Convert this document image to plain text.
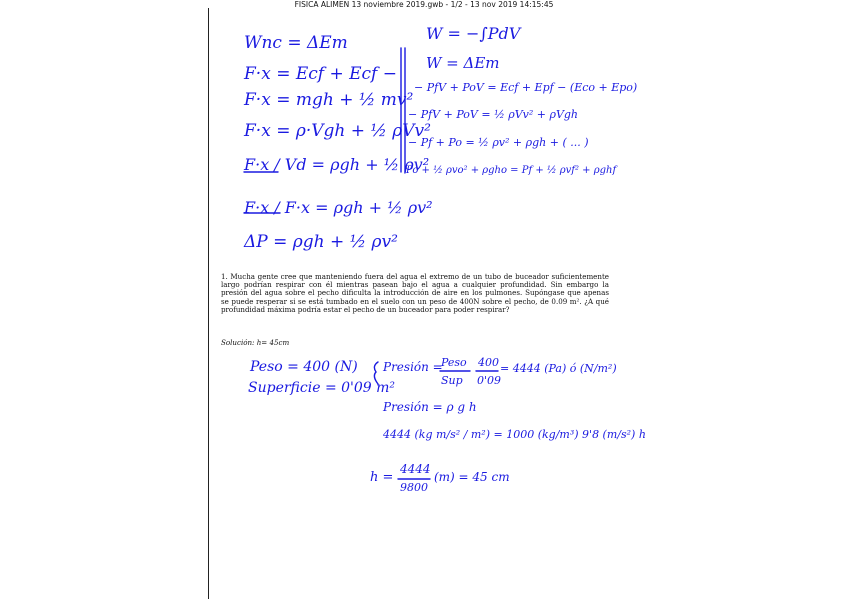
FISICA ALIMEN 13 noviembre 2019.gwb - 1/2 - 13 nov 2019 14:15:45
Wnc = ΔEm
F·x = Ecf + Ecf −
F·x = mgh + ½ mv²
F·x = ρ·Vgh + ½ ρVv²
F·x / Vd = ρgh + ½ ρv²
F·x / F·x = ρgh + ½ ρv²
ΔP = ρgh + ½ ρv²
W = −∫PdV
W = ΔEm
− PfV + PoV = Ecf + Epf − (Eco + Epo)
− PfV + PoV = ½ ρVv² + ρVgh
− Pf + Po = ½ ρv² + ρgh + ( ... )
Po + ½ ρvo² + ρgho = Pf + ½ ρvf² + ρghf
1. Mucha gente cree que manteniendo fuera del agua el extremo de un tubo de buceador suficientemente largo podrían respirar con él mientras pasean bajo el agua a cualquier profundidad. Sin embargo la presión del agua sobre el pecho dificulta la introducción de aire en los pulmones. Supóngase que apenas se puede resperar si se está tumbado en el suelo con un peso de 400N sobre el pecho, de 0.09 m². ¿A qué profundidad máxima podría estar el pecho de un buceador para poder respirar?
Solución: h= 45cm
Peso = 400 (N)
Superficie = 0'09 m²
Presión =
Peso
Sup
400
0'09
= 4444 (Pa) ó (N/m²)
Presión = ρ g h
4444 (kg m/s² / m²) = 1000 (kg/m³) 9'8 (m/s²) h
h =
4444
9800
(m) = 45 cm
